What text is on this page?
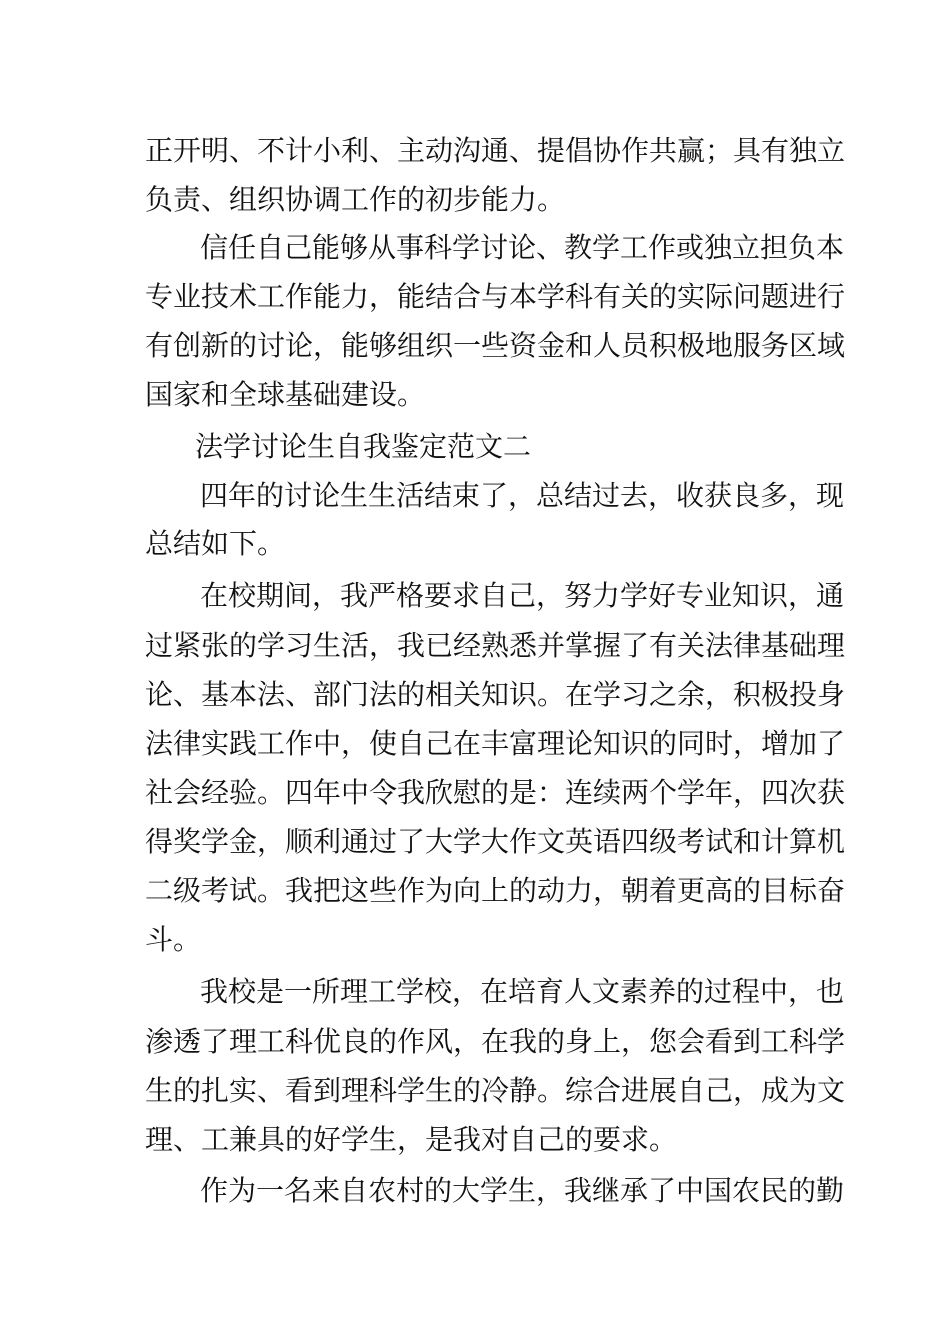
正开明、不计小利、主动沟通、提倡协作共赢；具有独立
负责、组织协调工作的初步能力。
信任自己能够从事科学讨论、教学工作或独立担负本
专业技术工作能力，能结合与本学科有关的实际问题进行
有创新的讨论，能够组织一些资金和人员积极地服务区域
国家和全球基础建设。
法学讨论生自我鉴定范文二
四年的讨论生生活结束了，总结过去，收获良多，现
总结如下。
在校期间，我严格要求自己，努力学好专业知识，通
过紧张的学习生活，我已经熟悉并掌握了有关法律基础理
论、基本法、部门法的相关知识。在学习之余，积极投身
法律实践工作中，使自己在丰富理论知识的同时，增加了
社会经验。四年中令我欣慰的是：连续两个学年，四次获
得奖学金，顺利通过了大学大作文英语四级考试和计算机
二级考试。我把这些作为向上的动力，朝着更高的目标奋
斗。
我校是一所理工学校，在培育人文素养的过程中，也
渗透了理工科优良的作风，在我的身上，您会看到工科学
生的扎实、看到理科学生的冷静。综合进展自己，成为文
理、工兼具的好学生，是我对自己的要求。
作为一名来自农村的大学生，我继承了中国农民的勤
